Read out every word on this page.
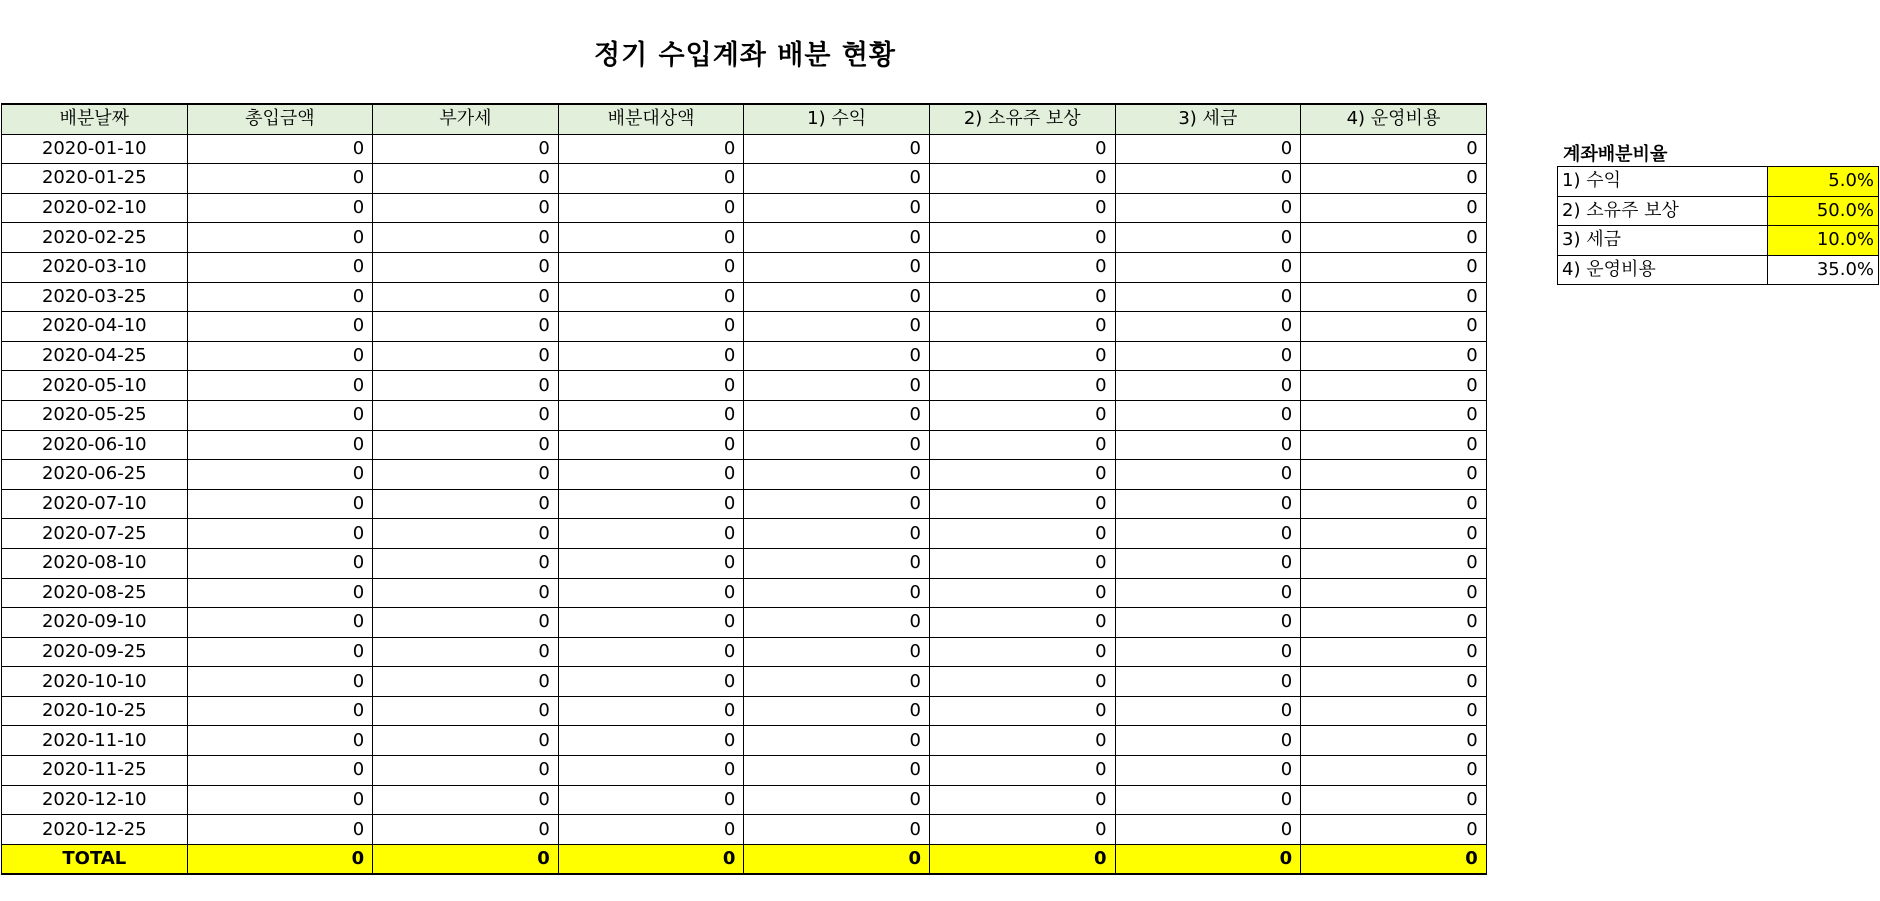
정기 수입계좌 배분 현황
배분날짜	총입금액	부가세	배분대상액	1) 수익	2) 소유주 보상	3) 세금	4) 운영비용
2020-01-10	0	0	0	0	0	0	0
2020-01-25	0	0	0	0	0	0	0
2020-02-10	0	0	0	0	0	0	0
2020-02-25	0	0	0	0	0	0	0
2020-03-10	0	0	0	0	0	0	0
2020-03-25	0	0	0	0	0	0	0
2020-04-10	0	0	0	0	0	0	0
2020-04-25	0	0	0	0	0	0	0
2020-05-10	0	0	0	0	0	0	0
2020-05-25	0	0	0	0	0	0	0
2020-06-10	0	0	0	0	0	0	0
2020-06-25	0	0	0	0	0	0	0
2020-07-10	0	0	0	0	0	0	0
2020-07-25	0	0	0	0	0	0	0
2020-08-10	0	0	0	0	0	0	0
2020-08-25	0	0	0	0	0	0	0
2020-09-10	0	0	0	0	0	0	0
2020-09-25	0	0	0	0	0	0	0
2020-10-10	0	0	0	0	0	0	0
2020-10-25	0	0	0	0	0	0	0
2020-11-10	0	0	0	0	0	0	0
2020-11-25	0	0	0	0	0	0	0
2020-12-10	0	0	0	0	0	0	0
2020-12-25	0	0	0	0	0	0	0
TOTAL	0	0	0	0	0	0	0
계좌배분비율
1) 수익	5.0%
2) 소유주 보상	50.0%
3) 세금	10.0%
4) 운영비용	35.0%
